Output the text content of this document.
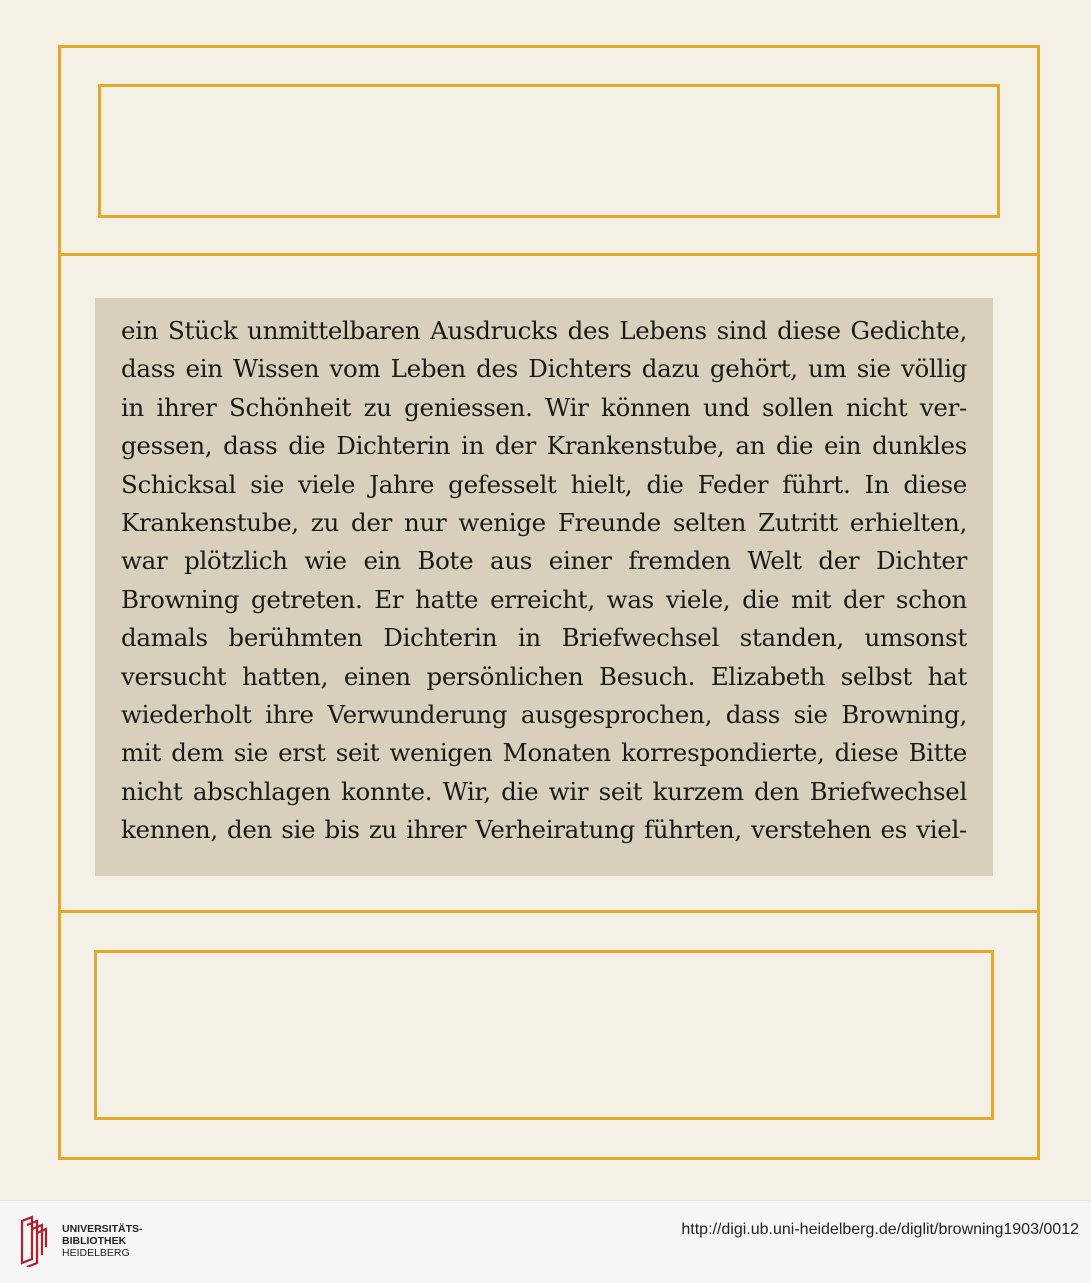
ein Stück unmittelbaren Ausdrucks des Lebens sind diese Gedichte,
dass ein Wissen vom Leben des Dichters dazu gehört, um sie völlig
in ihrer Schönheit zu geniessen. Wir können und sollen nicht ver-
gessen, dass die Dichterin in der Krankenstube, an die ein dunkles
Schicksal sie viele Jahre gefesselt hielt, die Feder führt. In diese
Krankenstube, zu der nur wenige Freunde selten Zutritt erhielten,
war plötzlich wie ein Bote aus einer fremden Welt der Dichter
Browning getreten. Er hatte erreicht, was viele, die mit der schon
damals berühmten Dichterin in Briefwechsel standen, umsonst
versucht hatten, einen persönlichen Besuch. Elizabeth selbst hat
wiederholt ihre Verwunderung ausgesprochen, dass sie Browning,
mit dem sie erst seit wenigen Monaten korrespondierte, diese Bitte
nicht abschlagen konnte. Wir, die wir seit kurzem den Briefwechsel
kennen, den sie bis zu ihrer Verheiratung führten, verstehen es viel-
UNIVERSITÄTS-
BIBLIOTHEK
HEIDELBERG
http://digi.ub.uni-heidelberg.de/diglit/browning1903/0012
